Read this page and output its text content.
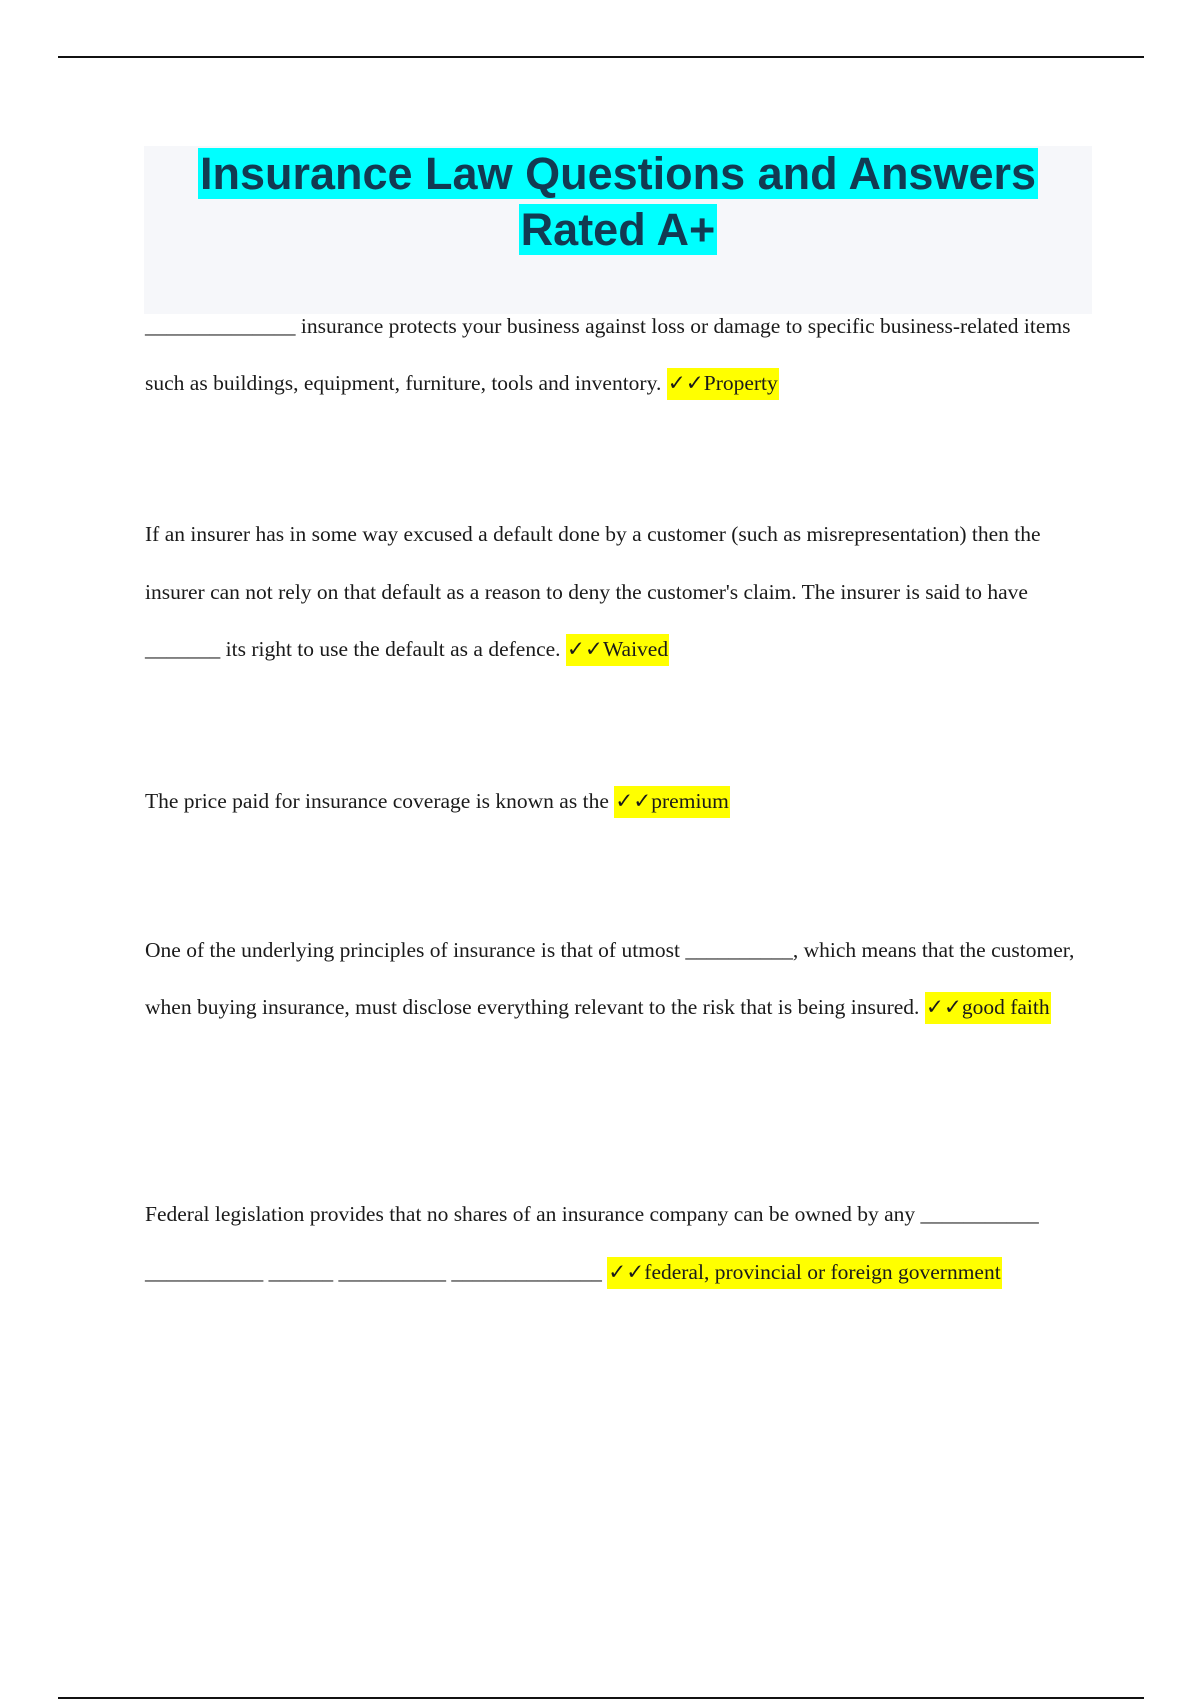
Insurance Law Questions and Answers
Rated A+

______________ insurance protects your business against loss or damage to specific business-related items such as buildings, equipment, furniture, tools and inventory. ✓✓Property

If an insurer has in some way excused a default done by a customer (such as misrepresentation) then the insurer can not rely on that default as a reason to deny the customer's claim. The insurer is said to have _______ its right to use the default as a defence. ✓✓Waived

The price paid for insurance coverage is known as the ✓✓premium

One of the underlying principles of insurance is that of utmost __________, which means that the customer, when buying insurance, must disclose everything relevant to the risk that is being insured. ✓✓good faith

Federal legislation provides that no shares of an insurance company can be owned by any ___________ ___________ ______ __________ ______________ ✓✓federal, provincial or foreign government
